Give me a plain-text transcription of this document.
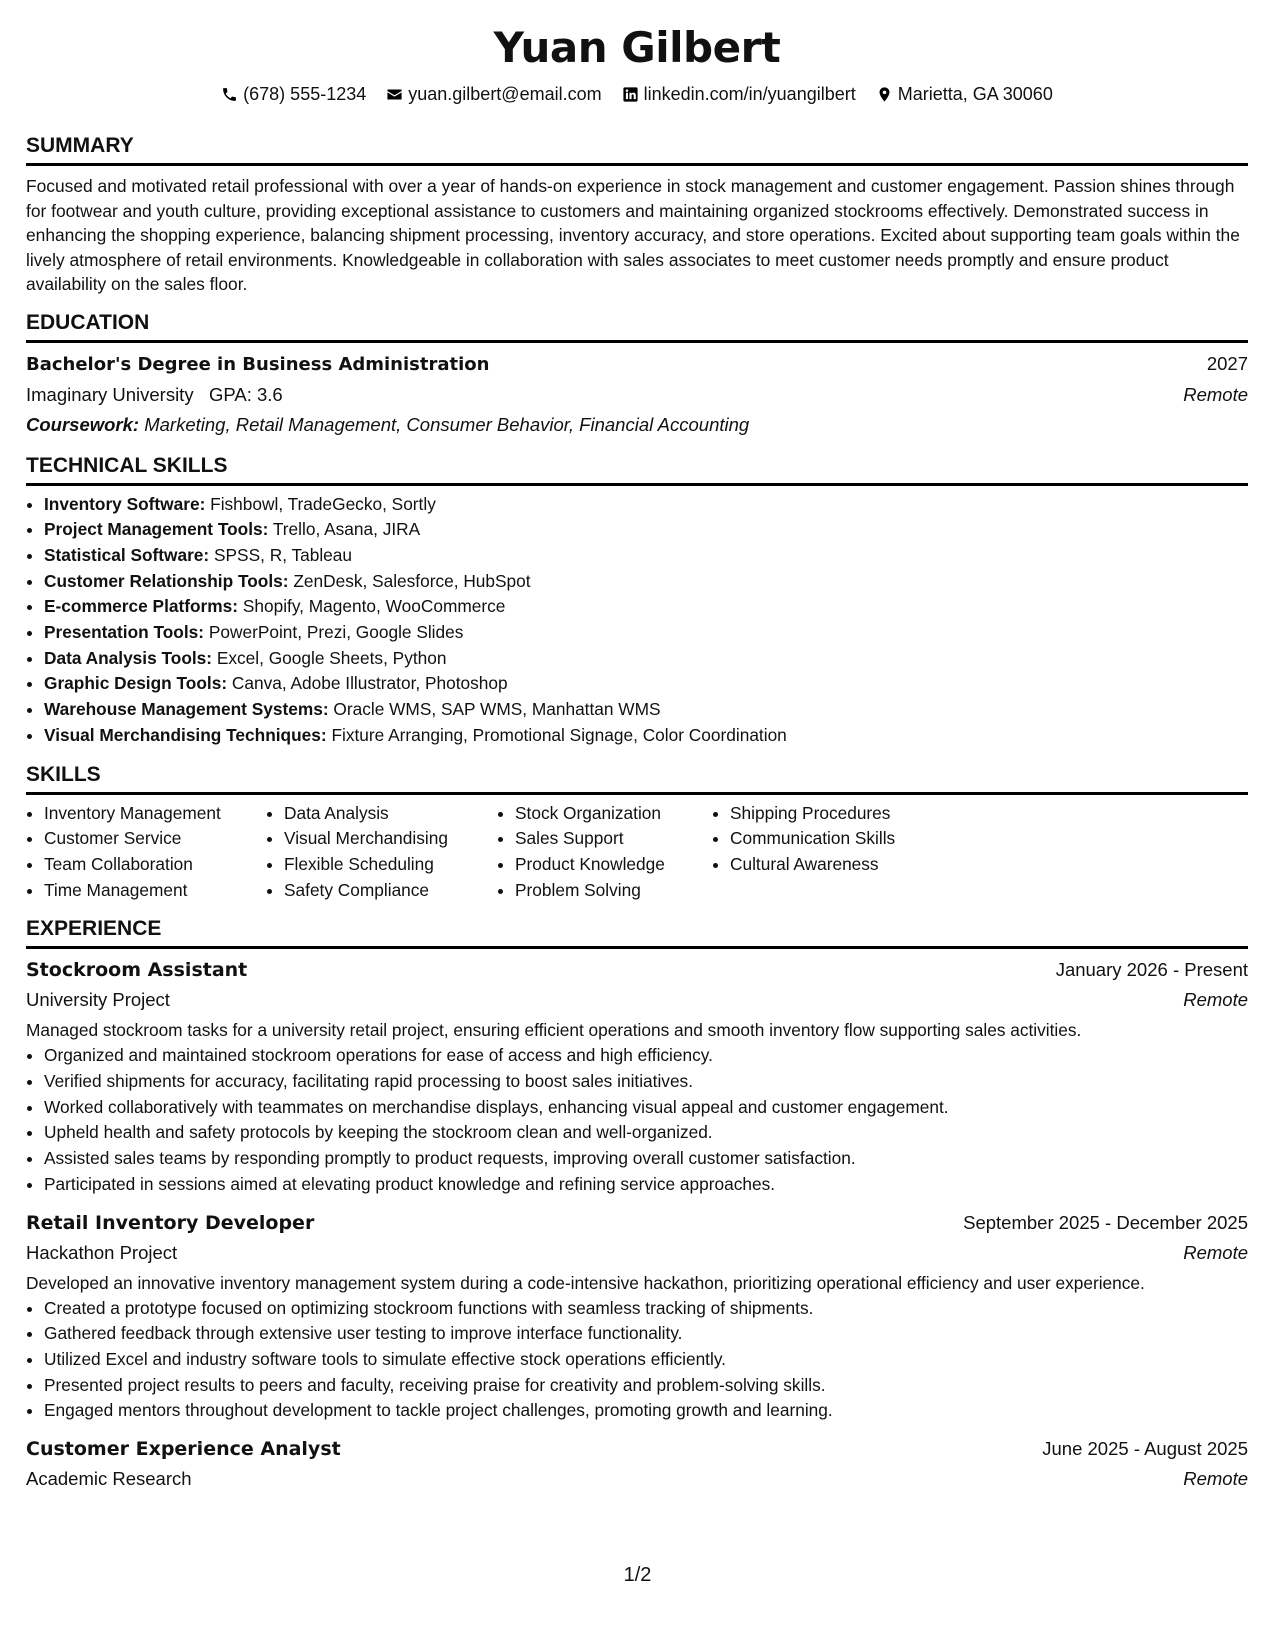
Yuan Gilbert
(678) 555-1234 yuan.gilbert@email.com linkedin.com/in/yuangilbert Marietta, GA 30060
SUMMARY
Focused and motivated retail professional with over a year of hands-on experience in stock management and customer engagement. Passion shines through for footwear and youth culture, providing exceptional assistance to customers and maintaining organized stockrooms effectively. Demonstrated success in enhancing the shopping experience, balancing shipment processing, inventory accuracy, and store operations. Excited about supporting team goals within the lively atmosphere of retail environments. Knowledgeable in collaboration with sales associates to meet customer needs promptly and ensure product availability on the sales floor.
EDUCATION
Bachelor's Degree in Business Administration	2027
Imaginary University GPA: 3.6	Remote
Coursework: Marketing, Retail Management, Consumer Behavior, Financial Accounting
TECHNICAL SKILLS
• Inventory Software: Fishbowl, TradeGecko, Sortly
• Project Management Tools: Trello, Asana, JIRA
• Statistical Software: SPSS, R, Tableau
• Customer Relationship Tools: ZenDesk, Salesforce, HubSpot
• E-commerce Platforms: Shopify, Magento, WooCommerce
• Presentation Tools: PowerPoint, Prezi, Google Slides
• Data Analysis Tools: Excel, Google Sheets, Python
• Graphic Design Tools: Canva, Adobe Illustrator, Photoshop
• Warehouse Management Systems: Oracle WMS, SAP WMS, Manhattan WMS
• Visual Merchandising Techniques: Fixture Arranging, Promotional Signage, Color Coordination
SKILLS
• Inventory Management
• Customer Service
• Team Collaboration
• Time Management
• Data Analysis
• Visual Merchandising
• Flexible Scheduling
• Safety Compliance
• Stock Organization
• Sales Support
• Product Knowledge
• Problem Solving
• Shipping Procedures
• Communication Skills
• Cultural Awareness
EXPERIENCE
Stockroom Assistant	January 2026 - Present
University Project	Remote
Managed stockroom tasks for a university retail project, ensuring efficient operations and smooth inventory flow supporting sales activities.
• Organized and maintained stockroom operations for ease of access and high efficiency.
• Verified shipments for accuracy, facilitating rapid processing to boost sales initiatives.
• Worked collaboratively with teammates on merchandise displays, enhancing visual appeal and customer engagement.
• Upheld health and safety protocols by keeping the stockroom clean and well-organized.
• Assisted sales teams by responding promptly to product requests, improving overall customer satisfaction.
• Participated in sessions aimed at elevating product knowledge and refining service approaches.
Retail Inventory Developer	September 2025 - December 2025
Hackathon Project	Remote
Developed an innovative inventory management system during a code-intensive hackathon, prioritizing operational efficiency and user experience.
• Created a prototype focused on optimizing stockroom functions with seamless tracking of shipments.
• Gathered feedback through extensive user testing to improve interface functionality.
• Utilized Excel and industry software tools to simulate effective stock operations efficiently.
• Presented project results to peers and faculty, receiving praise for creativity and problem-solving skills.
• Engaged mentors throughout development to tackle project challenges, promoting growth and learning.
Customer Experience Analyst	June 2025 - August 2025
Academic Research	Remote
1/2
